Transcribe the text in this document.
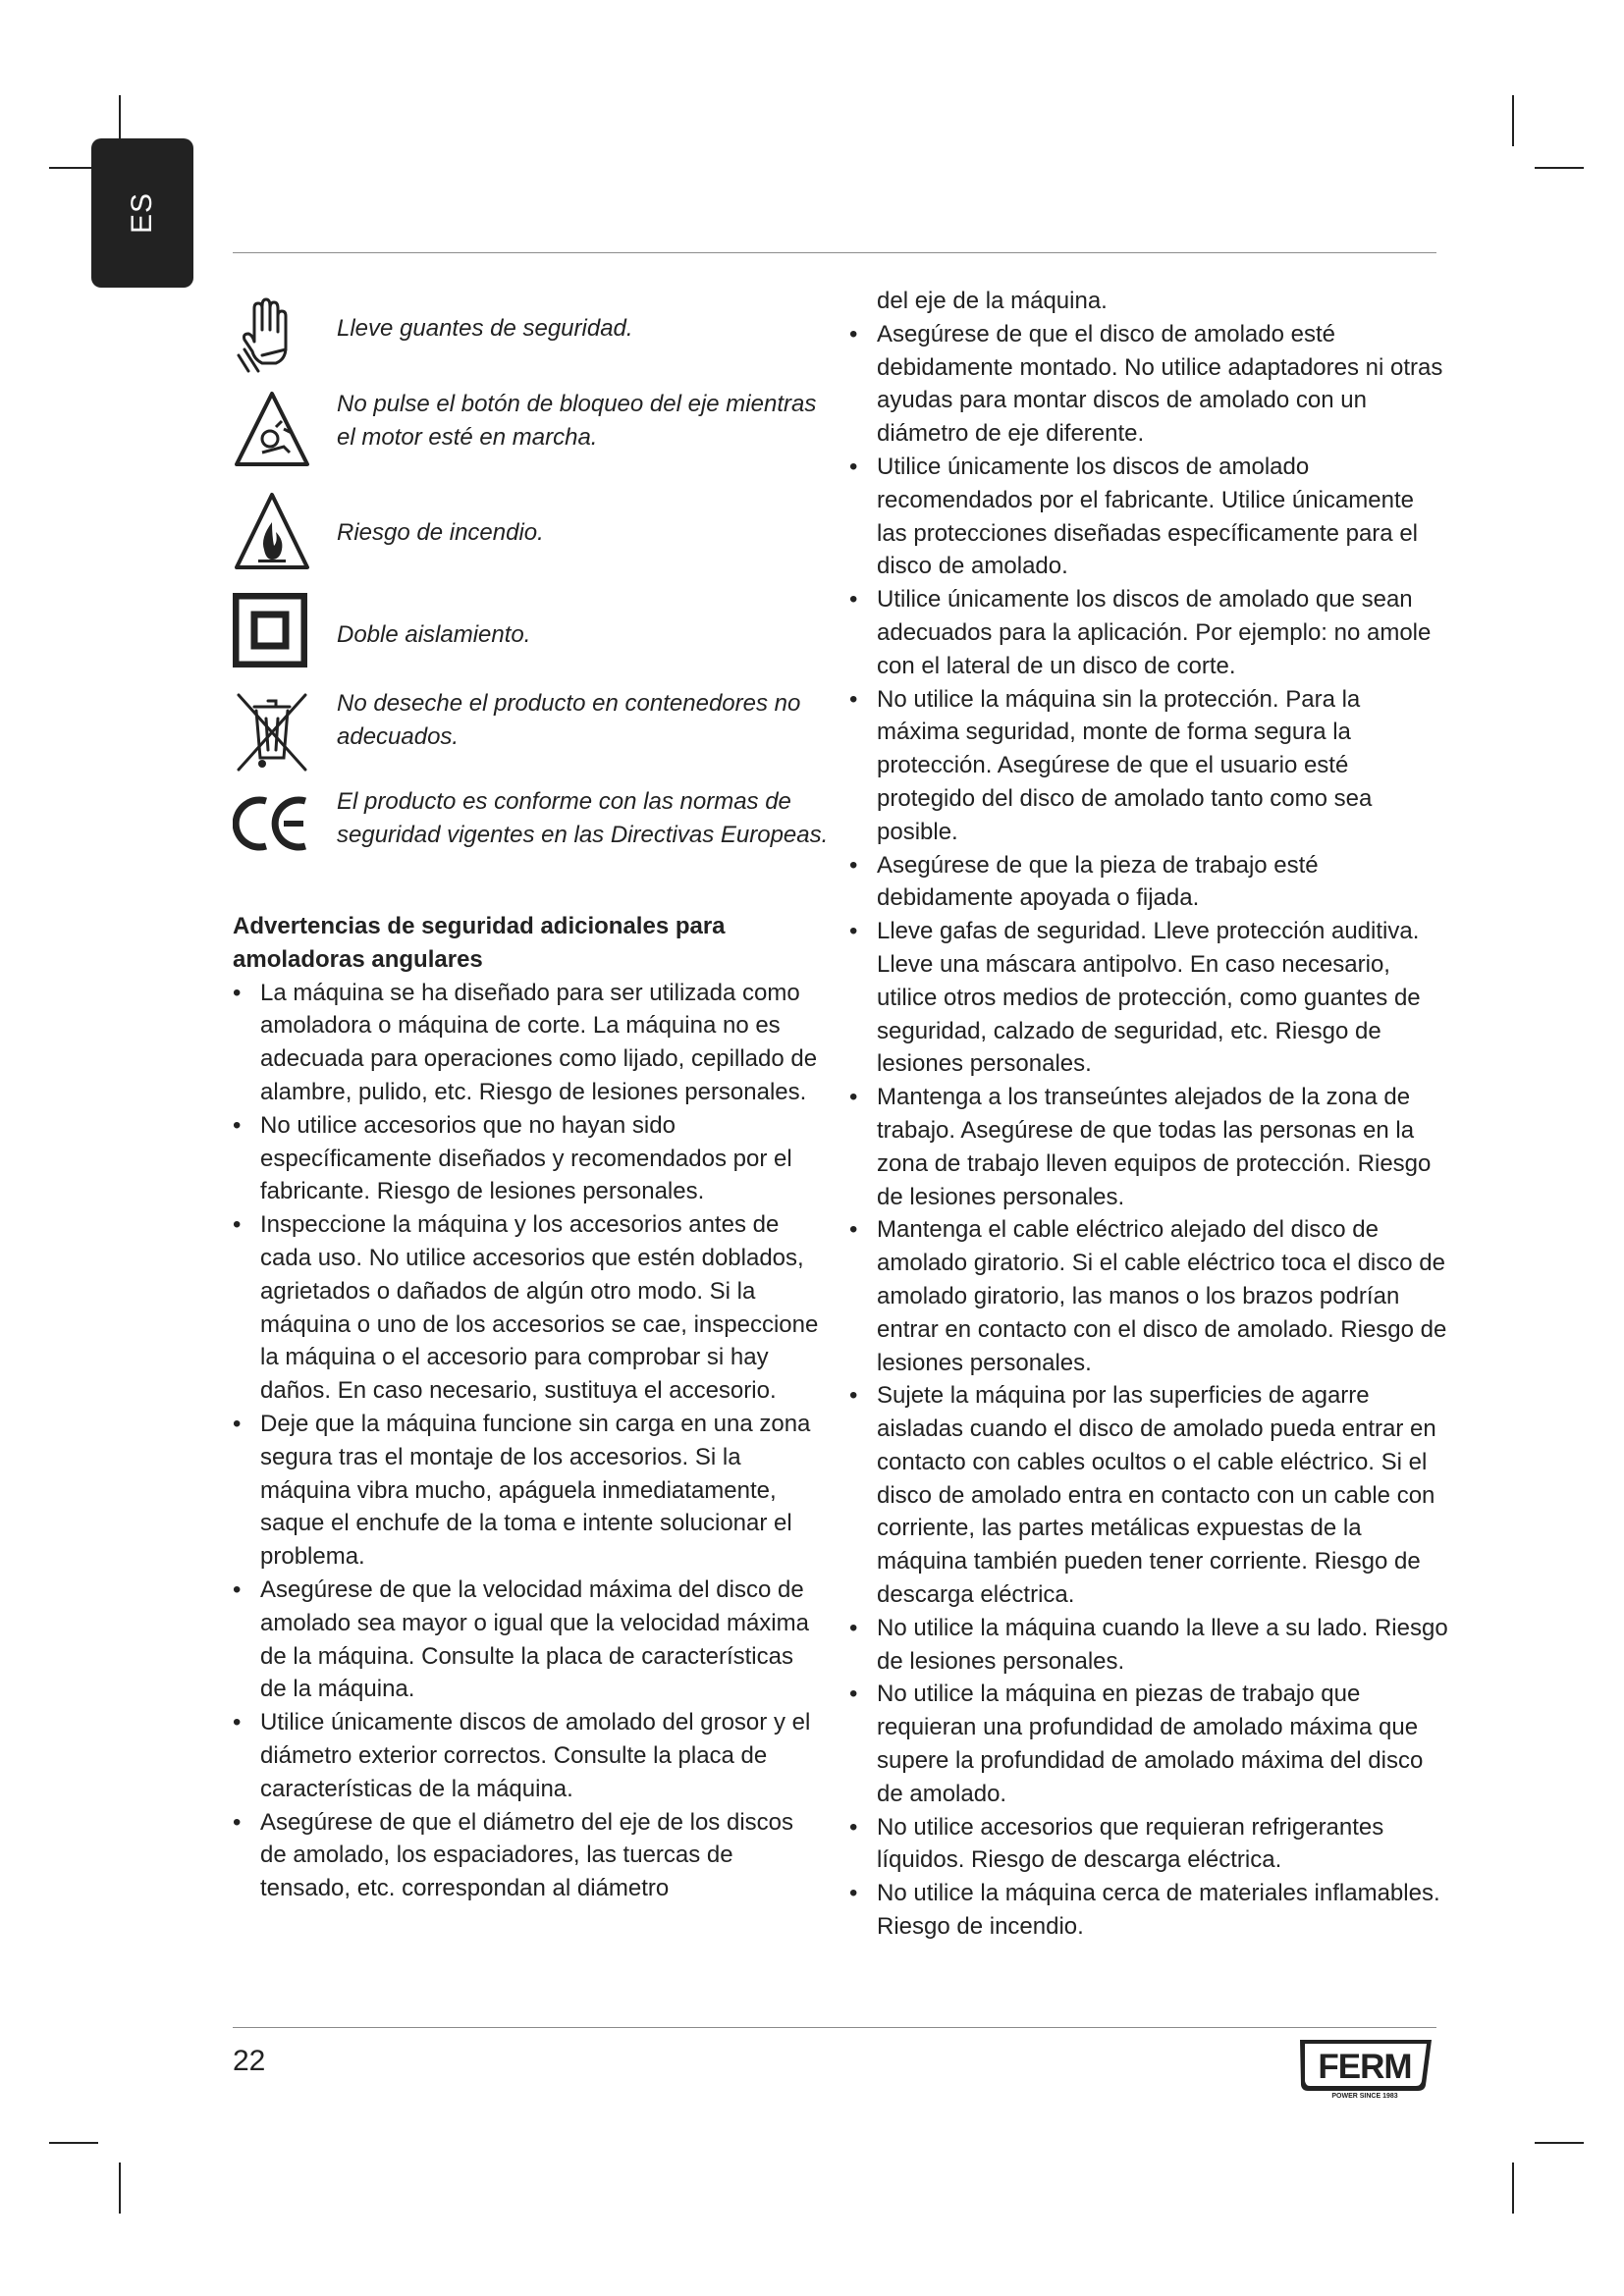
ES
Lleve guantes de seguridad.
No pulse el botón de bloqueo del eje mientras el motor esté en marcha.
Riesgo de incendio.
Doble aislamiento.
No deseche el producto en contenedores no adecuados.
El producto es conforme con las normas de seguridad vigentes en las Directivas Europeas.
Advertencias de seguridad adicionales para amoladoras angulares
• La máquina se ha diseñado para ser utilizada como amoladora o máquina de corte. La máquina no es adecuada para operaciones como lijado, cepillado de alambre, pulido, etc. Riesgo de lesiones personales.
• No utilice accesorios que no hayan sido específicamente diseñados y recomendados por el fabricante. Riesgo de lesiones personales.
• Inspeccione la máquina y los accesorios antes de cada uso. No utilice accesorios que estén doblados, agrietados o dañados de algún otro modo. Si la máquina o uno de los accesorios se cae, inspeccione la máquina o el accesorio para comprobar si hay daños. En caso necesario, sustituya el accesorio.
• Deje que la máquina funcione sin carga en una zona segura tras el montaje de los accesorios. Si la máquina vibra mucho, apáguela inmediatamente, saque el enchufe de la toma e intente solucionar el problema.
• Asegúrese de que la velocidad máxima del disco de amolado sea mayor o igual que la velocidad máxima de la máquina. Consulte la placa de características de la máquina.
• Utilice únicamente discos de amolado del grosor y el diámetro exterior correctos. Consulte la placa de características de la máquina.
• Asegúrese de que el diámetro del eje de los discos de amolado, los espaciadores, las tuercas de tensado, etc. correspondan al diámetro

del eje de la máquina.

• Asegúrese de que el disco de amolado esté debidamente montado. No utilice adaptadores ni otras ayudas para montar discos de amolado con un diámetro de eje diferente.
• Utilice únicamente los discos de amolado recomendados por el fabricante. Utilice únicamente las protecciones diseñadas específicamente para el disco de amolado.
• Utilice únicamente los discos de amolado que sean adecuados para la aplicación. Por ejemplo: no amole con el lateral de un disco de corte.
• No utilice la máquina sin la protección. Para la máxima seguridad, monte de forma segura la protección. Asegúrese de que el usuario esté protegido del disco de amolado tanto como sea posible.
• Asegúrese de que la pieza de trabajo esté debidamente apoyada o fijada.
• Lleve gafas de seguridad. Lleve protección auditiva. Lleve una máscara antipolvo. En caso necesario, utilice otros medios de protección, como guantes de seguridad, calzado de seguridad, etc. Riesgo de lesiones personales.
• Mantenga a los transeúntes alejados de la zona de trabajo. Asegúrese de que todas las personas en la zona de trabajo lleven equipos de protección. Riesgo de lesiones personales.
• Mantenga el cable eléctrico alejado del disco de amolado giratorio. Si el cable eléctrico toca el disco de amolado giratorio, las manos o los brazos podrían entrar en contacto con el disco de amolado. Riesgo de lesiones personales.
• Sujete la máquina por las superficies de agarre aisladas cuando el disco de amolado pueda entrar en contacto con cables ocultos o el cable eléctrico. Si el disco de amolado entra en contacto con un cable con corriente, las partes metálicas expuestas de la máquina también pueden tener corriente. Riesgo de descarga eléctrica.
• No utilice la máquina cuando la lleve a su lado. Riesgo de lesiones personales.
• No utilice la máquina en piezas de trabajo que requieran una profundidad de amolado máxima que supere la profundidad de amolado máxima del disco de amolado.
• No utilice accesorios que requieran refrigerantes líquidos. Riesgo de descarga eléctrica.
• No utilice la máquina cerca de materiales inflamables. Riesgo de incendio.
22	FERM
POWER SINCE 1983
